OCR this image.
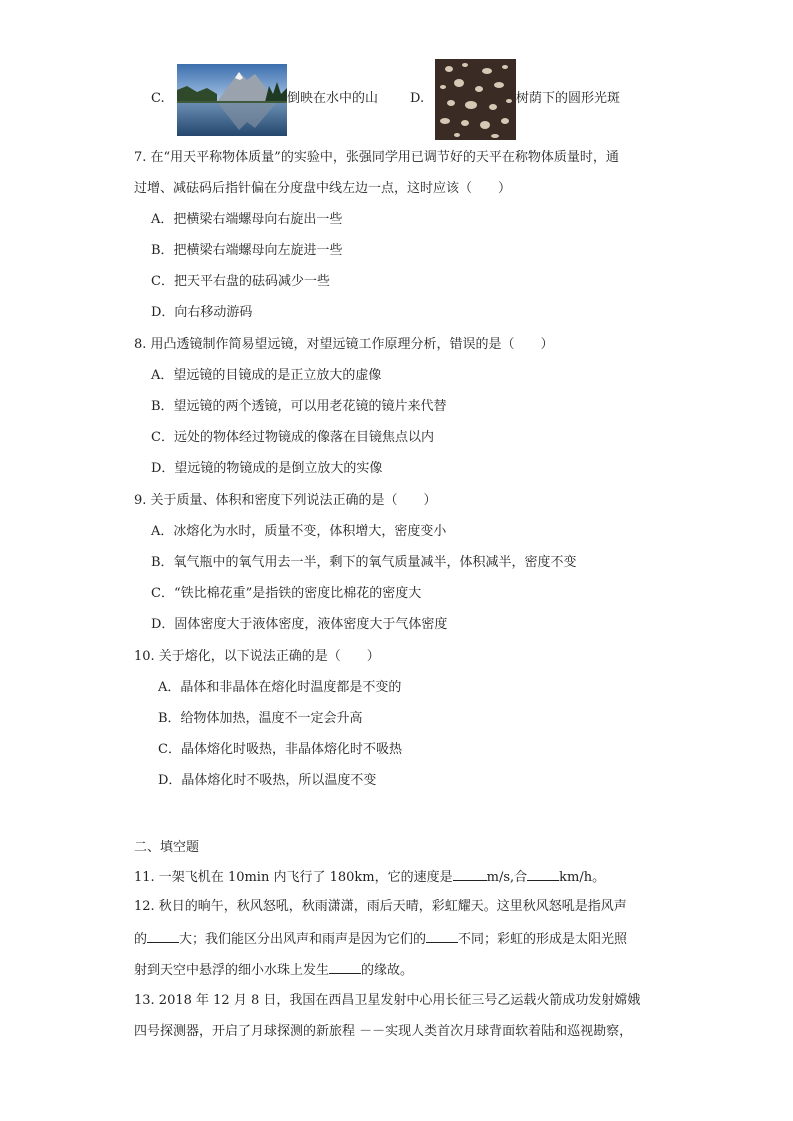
C.	倒映在水中的山 D.	树荫下的圆形光斑
7. 在“用天平称物体质量”的实验中，张强同学用已调节好的天平在称物体质量时，通
过增、减砝码后指针偏在分度盘中线左边一点，这时应该（　　）
A．把横梁右端螺母向右旋出一些
B．把横梁右端螺母向左旋进一些
C．把天平右盘的砝码减少一些
D．向右移动游码
8. 用凸透镜制作简易望远镜，对望远镜工作原理分析，错误的是（　　）
A．望远镜的目镜成的是正立放大的虚像
B．望远镜的两个透镜，可以用老花镜的镜片来代替
C．远处的物体经过物镜成的像落在目镜焦点以内
D．望远镜的物镜成的是倒立放大的实像
9. 关于质量、体积和密度下列说法正确的是（　　）
A．冰熔化为水时，质量不变，体积增大，密度变小
B．氧气瓶中的氧气用去一半，剩下的氧气质量减半，体积减半，密度不变
C．“铁比棉花重”是指铁的密度比棉花的密度大
D．固体密度大于液体密度，液体密度大于气体密度
10. 关于熔化，以下说法正确的是（　　）
A．晶体和非晶体在熔化时温度都是不变的
B．给物体加热，温度不一定会升高
C．晶体熔化时吸热，非晶体熔化时不吸热
D．晶体熔化时不吸热，所以温度不变
二、填空题
11. 一架飞机在 10min 内飞行了 180km，它的速度是	m/s,合 km/h。
12. 秋日的晌午，秋风怒吼，秋雨潇潇，雨后天晴，彩虹耀天。这里秋风怒吼是指风声
的 大；我们能区分出风声和雨声是因为它们的 不同；彩虹的形成是太阳光照
射到天空中悬浮的细小水珠上发生 的缘故。
13. 2018 年 12 月 8 日，我国在西昌卫星发射中心用长征三号乙运载火箭成功发射嫦娥
四号探测器，开启了月球探测的新旅程 －－实现人类首次月球背面软着陆和巡视勘察，
